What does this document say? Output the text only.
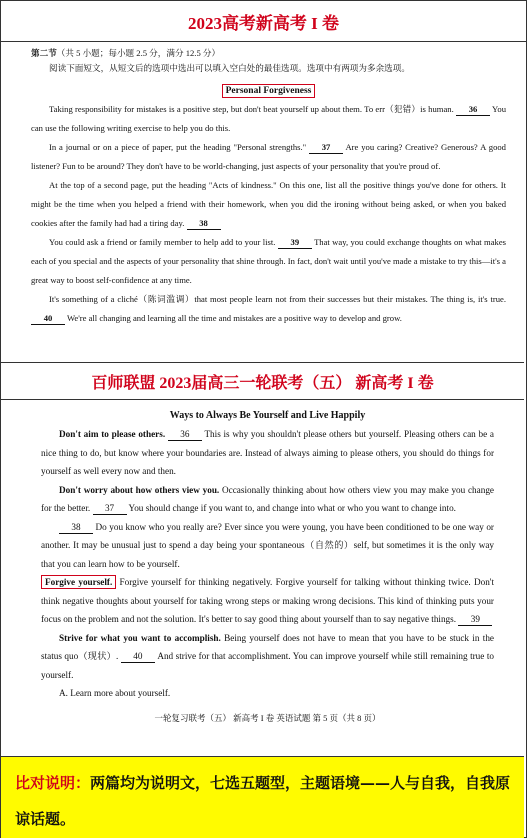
2023高考新高考 I 卷

第二节（共 5 小题；每小题 2.5 分，满分 12.5 分）

阅读下面短文，从短文后的选项中选出可以填入空白处的最佳选项。选项中有两项为多余选项。

Personal Forgiveness

Taking responsibility for mistakes is a positive step, but don't beat yourself up about them. To err（犯错）is human. 36 You can use the following writing exercise to help you do this.

In a journal or on a piece of paper, put the heading "Personal strengths." 37 Are you caring? Creative? Generous? A good listener? Fun to be around? They don't have to be world-changing, just aspects of your personality that you're proud of.

At the top of a second page, put the heading "Acts of kindness." On this one, list all the positive things you've done for others. It might be the time when you helped a friend with their homework, when you did the ironing without being asked, or when you baked cookies after the family had had a tiring day. 38

You could ask a friend or family member to help add to your list. 39 That way, you could exchange thoughts on what makes each of you special and the aspects of your personality that shine through. In fact, don't wait until you've made a mistake to try this—it's a great way to boost self-confidence at any time.

It's something of a cliché（陈词滥调）that most people learn not from their successes but their mistakes. The thing is, it's true. 40 We're all changing and learning all the time and mistakes are a positive way to develop and grow.

百师联盟 2023届高三一轮联考（五） 新高考 I 卷

Ways to Always Be Yourself and Live Happily

Don't aim to please others. 36 This is why you shouldn't please others but yourself. Pleasing others can be a nice thing to do, but know where your boundaries are. Instead of always aiming to please others, you should do things for yourself as well every now and then.

Don't worry about how others view you. Occasionally thinking about how others view you may make you change for the better. 37 You should change if you want to, and change into what or who you want to change into.

38 Do you know who you really are? Ever since you were young, you have been conditioned to be one way or another. It may be unusual just to spend a day being your spontaneous（自然的）self, but sometimes it is the only way that you can learn how to be yourself.

Forgive yourself. Forgive yourself for thinking negatively. Forgive yourself for talking without thinking twice. Don't think negative thoughts about yourself for taking wrong steps or making wrong decisions. This kind of thinking puts your focus on the problem and not the solution. It's better to say good thing about yourself than to say negative things. 39

Strive for what you want to accomplish. Being yourself does not have to mean that you have to be stuck in the status quo（现状）. 40 And strive for that accomplishment. You can improve yourself while still remaining true to yourself.

A. Learn more about yourself.

一轮复习联考（五） 新高考 I 卷 英语试题 第 5 页（共 8 页）

比对说明：两篇均为说明文，七选五题型，主题语境——人与自我，自我原谅话题。
